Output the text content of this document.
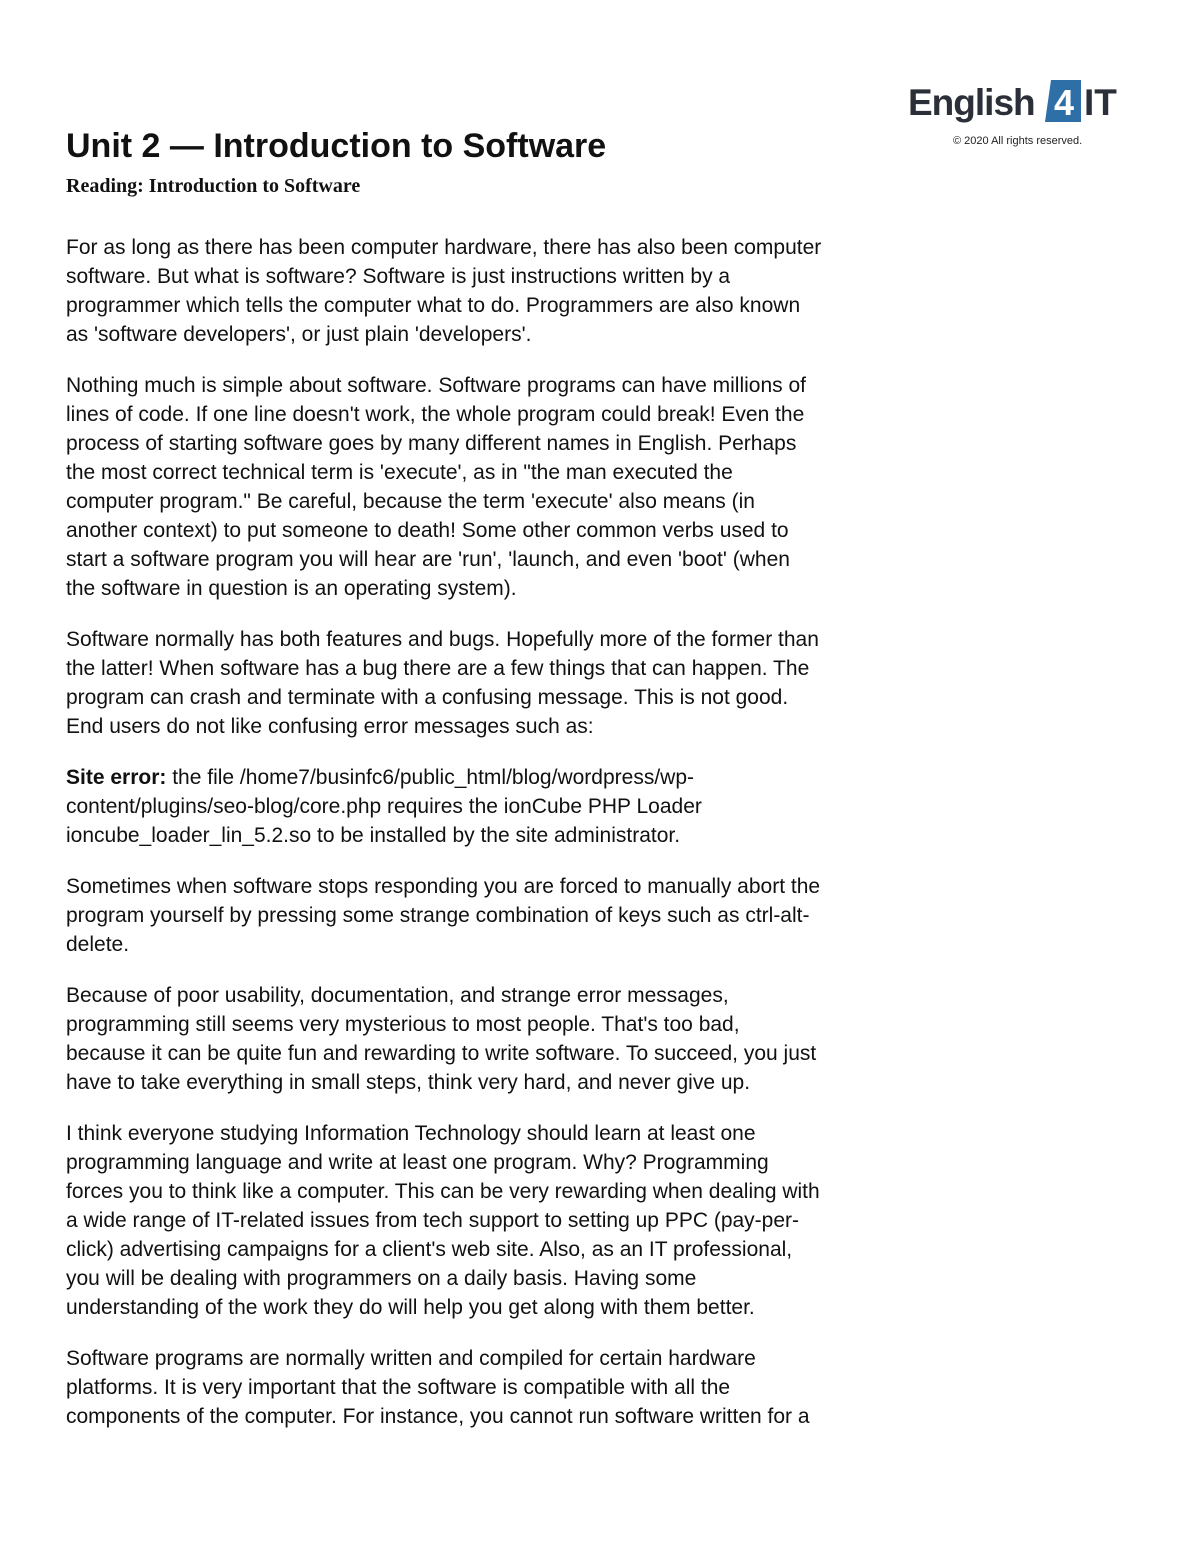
English 4 IT
© 2020 All rights reserved.
Unit 2 — Introduction to Software
Reading: Introduction to Software

For as long as there has been computer hardware, there has also been computer
software. But what is software? Software is just instructions written by a
programmer which tells the computer what to do. Programmers are also known
as 'software developers', or just plain 'developers'.

Nothing much is simple about software. Software programs can have millions of
lines of code. If one line doesn't work, the whole program could break! Even the
process of starting software goes by many different names in English. Perhaps
the most correct technical term is 'execute', as in "the man executed the
computer program." Be careful, because the term 'execute' also means (in
another context) to put someone to death! Some other common verbs used to
start a software program you will hear are 'run', 'launch, and even 'boot' (when
the software in question is an operating system).

Software normally has both features and bugs. Hopefully more of the former than
the latter! When software has a bug there are a few things that can happen. The
program can crash and terminate with a confusing message. This is not good.
End users do not like confusing error messages such as:

Site error: the file /home7/businfc6/public_html/blog/wordpress/wp-
content/plugins/seo-blog/core.php requires the ionCube PHP Loader
ioncube_loader_lin_5.2.so to be installed by the site administrator.

Sometimes when software stops responding you are forced to manually abort the
program yourself by pressing some strange combination of keys such as ctrl-alt-
delete.

Because of poor usability, documentation, and strange error messages,
programming still seems very mysterious to most people. That's too bad,
because it can be quite fun and rewarding to write software. To succeed, you just
have to take everything in small steps, think very hard, and never give up.

I think everyone studying Information Technology should learn at least one
programming language and write at least one program. Why? Programming
forces you to think like a computer. This can be very rewarding when dealing with
a wide range of IT-related issues from tech support to setting up PPC (pay-per-
click) advertising campaigns for a client's web site. Also, as an IT professional,
you will be dealing with programmers on a daily basis. Having some
understanding of the work they do will help you get along with them better.

Software programs are normally written and compiled for certain hardware
platforms. It is very important that the software is compatible with all the
components of the computer. For instance, you cannot run software written for a
